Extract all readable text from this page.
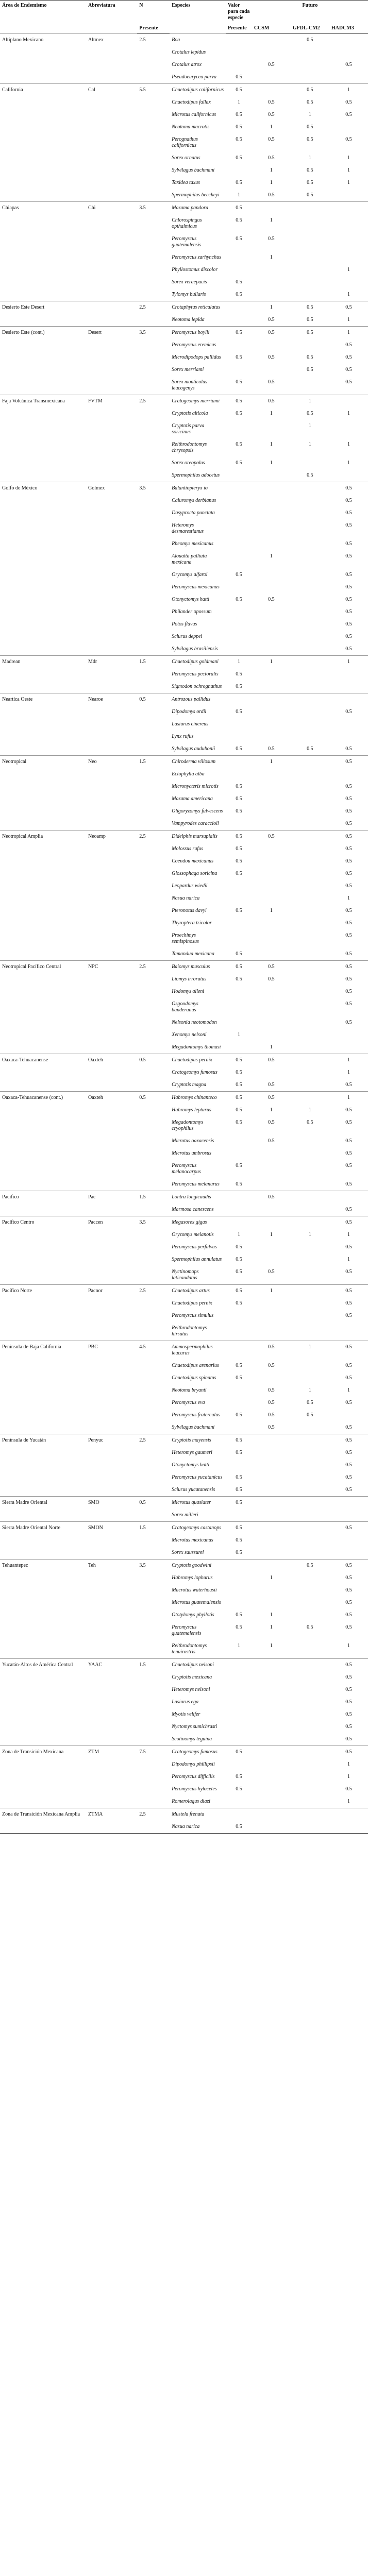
Área de Endemismo	Abreviatura	N	Especies	Valor para cada especie	Futuro		

		Presente		Presente	CCSM	GFDL-CM2	HADCM3
Altiplano Mexicano	Altmex	2.5	Boa			0.5	
			Crotalus lepidus				
			Crotalus atrox		0.5		0.5
			Pseudoeurycea parva	0.5			
California	Cal	5.5	Chaetodipus californicus	0.5		0.5	1
			Chaetodipus fallax	1	0.5	0.5	0.5
			Microtus californicus	0.5	0.5	1	0.5
			Neotoma macrotis	0.5	1	0.5	
			Perognathus californicus	0.5	0.5	0.5	0.5
			Sorex ornatus	0.5	0.5	1	1
			Sylvilagus bachmani		1	0.5	1
			Taxidea taxus	0.5	1	0.5	1
			Spermophilus beecheyi	1	0.5	0.5	
Chiapas	Chi	3.5	Mazama pandora	0.5			
			Chlorospingus opthalmicus	0.5	1		
			Peromyscus guatemalensis	0.5	0.5		
			Peromyscus zarhynchus		1		
			Phyllostomus discolor				1
			Sorex veraepacis	0.5			
			Tylomys bullaris	0.5			1
Desierto Este Desert		2.5	Crotaphytus reticulatus		1	0.5	0.5
			Neotoma lepida		0.5	0.5	1
Desierto Este (cont.)	Desert	3.5	Peromyscus boylii	0.5	0.5	0.5	1
			Peromyscus eremicus				0.5
			Microdipodops pallidus	0.5	0.5	0.5	0.5
			Sorex merriami			0.5	0.5
			Sorex monticolus leucogenys	0.5	0.5		0.5
Faja Volcánica Transmexicana	FVTM	2.5	Cratogeomys merriami	0.5	0.5	1	
			Cryptotis alticola	0.5	1	0.5	1
			Cryptotis parva soricinus			1	
			Reithrodontomys chrysopsis	0.5	1	1	1
			Sorex oreopolus	0.5	1		1
			Spermophilus adocetus			0.5	
Golfo de México	Golmex	3.5	Balantiopteryx io				0.5
			Caluromys derbianus				0.5
			Dasyprocta punctata				0.5
			Heteromys desmarestianus				0.5
			Rheomys mexicanus				0.5
			Alouatta palliata mexicana		1		0.5
			Oryzomys alfaroi	0.5			0.5
			Peromyscus mexicanus				0.5
			Otonyctomys hatti	0.5	0.5		0.5
			Philander opossum				0.5
			Potos flavus				0.5
			Sciurus deppei				0.5
			Sylvilagus brasiliensis				0.5
Madrean	Mdr	1.5	Chaetodipus goldmani	1	1		1
			Peromyscus pectoralis	0.5			
			Sigmodon ochrognathus	0.5			
Neartica Oeste	Nearoe	0.5	Antrozous pallidus				
			Dipodomys ordii	0.5			0.5
			Lasiurus cinereus				
			Lynx rufus				
			Sylvilagus audubonii	0.5	0.5	0.5	0.5
Neotropical	Neo	1.5	Chiroderma villosum		1		0.5
			Ectophylla alba				
			Micronycteris microtis	0.5			0.5
			Mazama americana	0.5			0.5
			Oligoryzomys fulvescens	0.5			0.5
			Vampyrodes caraccioli				0.5
Neotropical Amplia	Neoamp	2.5	Didelphis marsupialis	0.5	0.5		0.5
			Molossus rufus	0.5			0.5
			Coendou mexicanus	0.5			0.5
			Glossophaga soricina	0.5			0.5
			Leopardus wiedii				0.5
			Nasua narica				1
			Pteronotus davyi	0.5	1		0.5
			Thyroptera tricolor				0.5
			Proechimys semispinosus				0.5
			Tamandua mexicana	0.5			0.5
Neotropical Pacífico Central	NPC	2.5	Baiomys musculus	0.5	0.5		0.5
			Liomys irroratus	0.5	0.5		0.5
			Hodomys alleni				0.5
			Osgoodomys banderanus				0.5
			Nelsonia neotomodon				0.5
			Xenomys nelsoni	1			
			Megadontomys thomasi		1		
Oaxaca-Tehuacanense	Oaxteh	0.5	Chaetodipus pernix	0.5	0.5		1
			Cratogeomys fumosus	0.5			1
			Cryptotis magna	0.5	0.5		0.5
Oaxaca-Tehuacanense (cont.)	Oaxteh	0.5	Habromys chinanteco	0.5	0.5		1
			Habromys lepturus	0.5	1	1	0.5
			Megadontomys cryophilus	0.5	0.5	0.5	0.5
			Microtus oaxacensis		0.5		0.5
			Microtus umbrosus				0.5
			Peromyscus melanocarpus	0.5			0.5
			Peromyscus melanurus	0.5			0.5
Pacífico	Pac	1.5	Lontra longicaudis		0.5		
			Marmosa canescens				0.5
Pacífico Centro	Paccen	3.5	Megasorex gigas				0.5
			Oryzomys melanotis	1	1	1	1
			Peromyscus perfulvus	0.5			0.5
			Spermophilus annulatus	0.5			1
			Nyctinomops laticaudatus	0.5	0.5		0.5
Pacífico Norte	Pacnor	2.5	Chaetodipus artus	0.5	1		0.5
			Chaetodipus pernix	0.5			0.5
			Peromyscus simulus				0.5
			Reithrodontomys hirsutus				
Península de Baja California	PBC	4.5	Ammospermophilus leucurus		0.5	1	0.5
			Chaetodipus arenarius	0.5	0.5		0.5
			Chaetodipus spinatus	0.5			0.5
			Neotoma bryanti		0.5	1	1
			Peromyscus eva		0.5	0.5	0.5
			Peromyscus fraterculus	0.5	0.5	0.5	
			Sylvilagus bachmani		0.5		0.5
Península de Yucatán	Penyuc	2.5	Cryptotis mayensis	0.5			0.5
			Heteromys gaumeri	0.5			0.5
			Otonyctomys hatti				0.5
			Peromyscus yucatanicus	0.5			0.5
			Sciurus yucatanensis	0.5			0.5
Sierra Madre Oriental	SMO	0.5	Microtus quasiater	0.5			
			Sorex milleri				
Sierra Madre Oriental Norte	SMON	1.5	Cratogeomys castanops	0.5			0.5
			Microtus mexicanus	0.5			
			Sorex saussurei	0.5			
Tehuantepec	Teh	3.5	Cryptotis goodwini			0.5	0.5
			Habromys lophurus		1		0.5
			Macrotus waterhousii				0.5
			Microtus guatemalensis				0.5
			Ototylomys phyllotis	0.5	1		0.5
			Peromyscus guatemalensis	0.5	1	0.5	0.5
			Reithrodontomys tenuirostris	1	1		1
Yucatán-Altos de América Central	YAAC	1.5	Chaetodipus nelsoni				0.5
			Cryptotis mexicana				0.5
			Heteromys nelsoni				0.5
			Lasiurus ega				0.5
			Myotis velifer				0.5
			Nyctomys sumichrasti				0.5
			Scotinomys teguina				0.5
Zona de Transición Mexicana	ZTM	7.5	Cratogeomys fumosus	0.5			0.5
			Dipodomys phillipsii				1
			Peromyscus difficilis	0.5			1
			Peromyscus hylocetes	0.5			0.5
			Romerolagus diazi				1
Zona de Transición Mexicana Amplia	ZTMA	2.5	Mustela frenata				
			Nasua narica	0.5			
